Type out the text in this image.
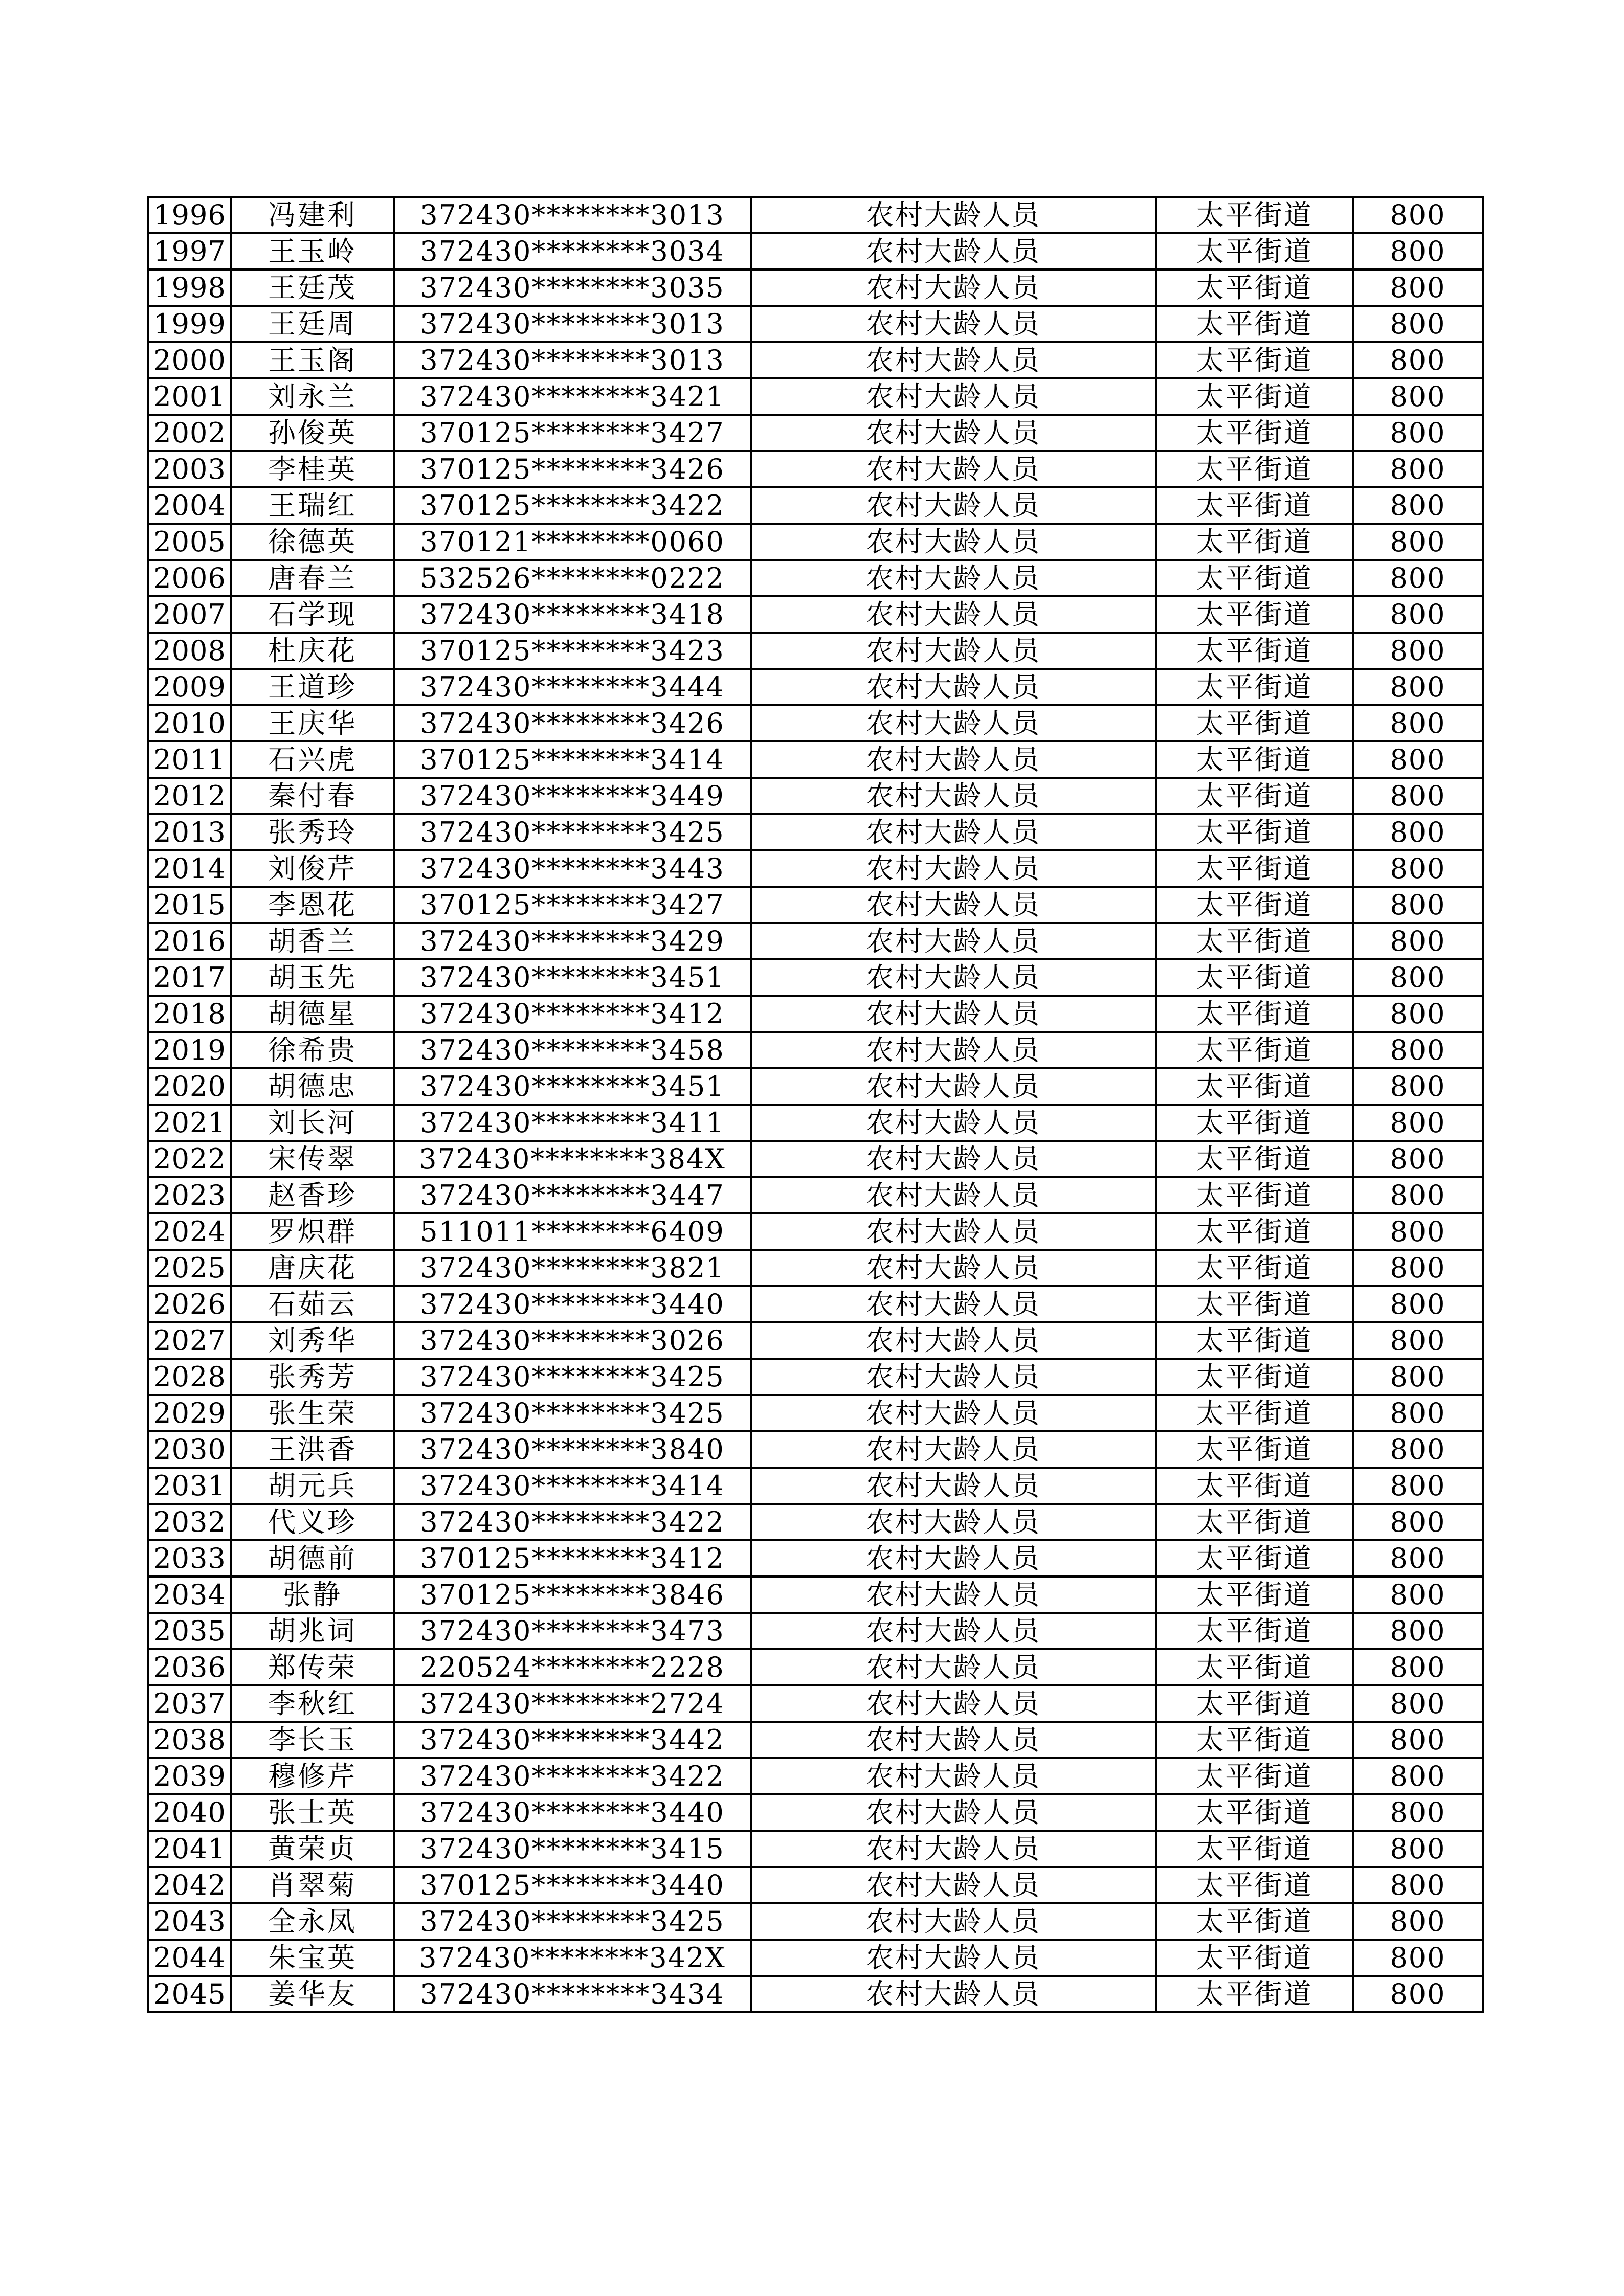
1996	冯建利	372430********3013	农村大龄人员	太平街道	800
1997	王玉岭	372430********3034	农村大龄人员	太平街道	800
1998	王廷茂	372430********3035	农村大龄人员	太平街道	800
1999	王廷周	372430********3013	农村大龄人员	太平街道	800
2000	王玉阁	372430********3013	农村大龄人员	太平街道	800
2001	刘永兰	372430********3421	农村大龄人员	太平街道	800
2002	孙俊英	370125********3427	农村大龄人员	太平街道	800
2003	李桂英	370125********3426	农村大龄人员	太平街道	800
2004	王瑞红	370125********3422	农村大龄人员	太平街道	800
2005	徐德英	370121********0060	农村大龄人员	太平街道	800
2006	唐春兰	532526********0222	农村大龄人员	太平街道	800
2007	石学现	372430********3418	农村大龄人员	太平街道	800
2008	杜庆花	370125********3423	农村大龄人员	太平街道	800
2009	王道珍	372430********3444	农村大龄人员	太平街道	800
2010	王庆华	372430********3426	农村大龄人员	太平街道	800
2011	石兴虎	370125********3414	农村大龄人员	太平街道	800
2012	秦付春	372430********3449	农村大龄人员	太平街道	800
2013	张秀玲	372430********3425	农村大龄人员	太平街道	800
2014	刘俊芹	372430********3443	农村大龄人员	太平街道	800
2015	李恩花	370125********3427	农村大龄人员	太平街道	800
2016	胡香兰	372430********3429	农村大龄人员	太平街道	800
2017	胡玉先	372430********3451	农村大龄人员	太平街道	800
2018	胡德星	372430********3412	农村大龄人员	太平街道	800
2019	徐希贵	372430********3458	农村大龄人员	太平街道	800
2020	胡德忠	372430********3451	农村大龄人员	太平街道	800
2021	刘长河	372430********3411	农村大龄人员	太平街道	800
2022	宋传翠	372430********384X	农村大龄人员	太平街道	800
2023	赵香珍	372430********3447	农村大龄人员	太平街道	800
2024	罗炽群	511011********6409	农村大龄人员	太平街道	800
2025	唐庆花	372430********3821	农村大龄人员	太平街道	800
2026	石茹云	372430********3440	农村大龄人员	太平街道	800
2027	刘秀华	372430********3026	农村大龄人员	太平街道	800
2028	张秀芳	372430********3425	农村大龄人员	太平街道	800
2029	张生荣	372430********3425	农村大龄人员	太平街道	800
2030	王洪香	372430********3840	农村大龄人员	太平街道	800
2031	胡元兵	372430********3414	农村大龄人员	太平街道	800
2032	代义珍	372430********3422	农村大龄人员	太平街道	800
2033	胡德前	370125********3412	农村大龄人员	太平街道	800
2034	张静	370125********3846	农村大龄人员	太平街道	800
2035	胡兆词	372430********3473	农村大龄人员	太平街道	800
2036	郑传荣	220524********2228	农村大龄人员	太平街道	800
2037	李秋红	372430********2724	农村大龄人员	太平街道	800
2038	李长玉	372430********3442	农村大龄人员	太平街道	800
2039	穆修芹	372430********3422	农村大龄人员	太平街道	800
2040	张士英	372430********3440	农村大龄人员	太平街道	800
2041	黄荣贞	372430********3415	农村大龄人员	太平街道	800
2042	肖翠菊	370125********3440	农村大龄人员	太平街道	800
2043	全永凤	372430********3425	农村大龄人员	太平街道	800
2044	朱宝英	372430********342X	农村大龄人员	太平街道	800
2045	姜华友	372430********3434	农村大龄人员	太平街道	800
